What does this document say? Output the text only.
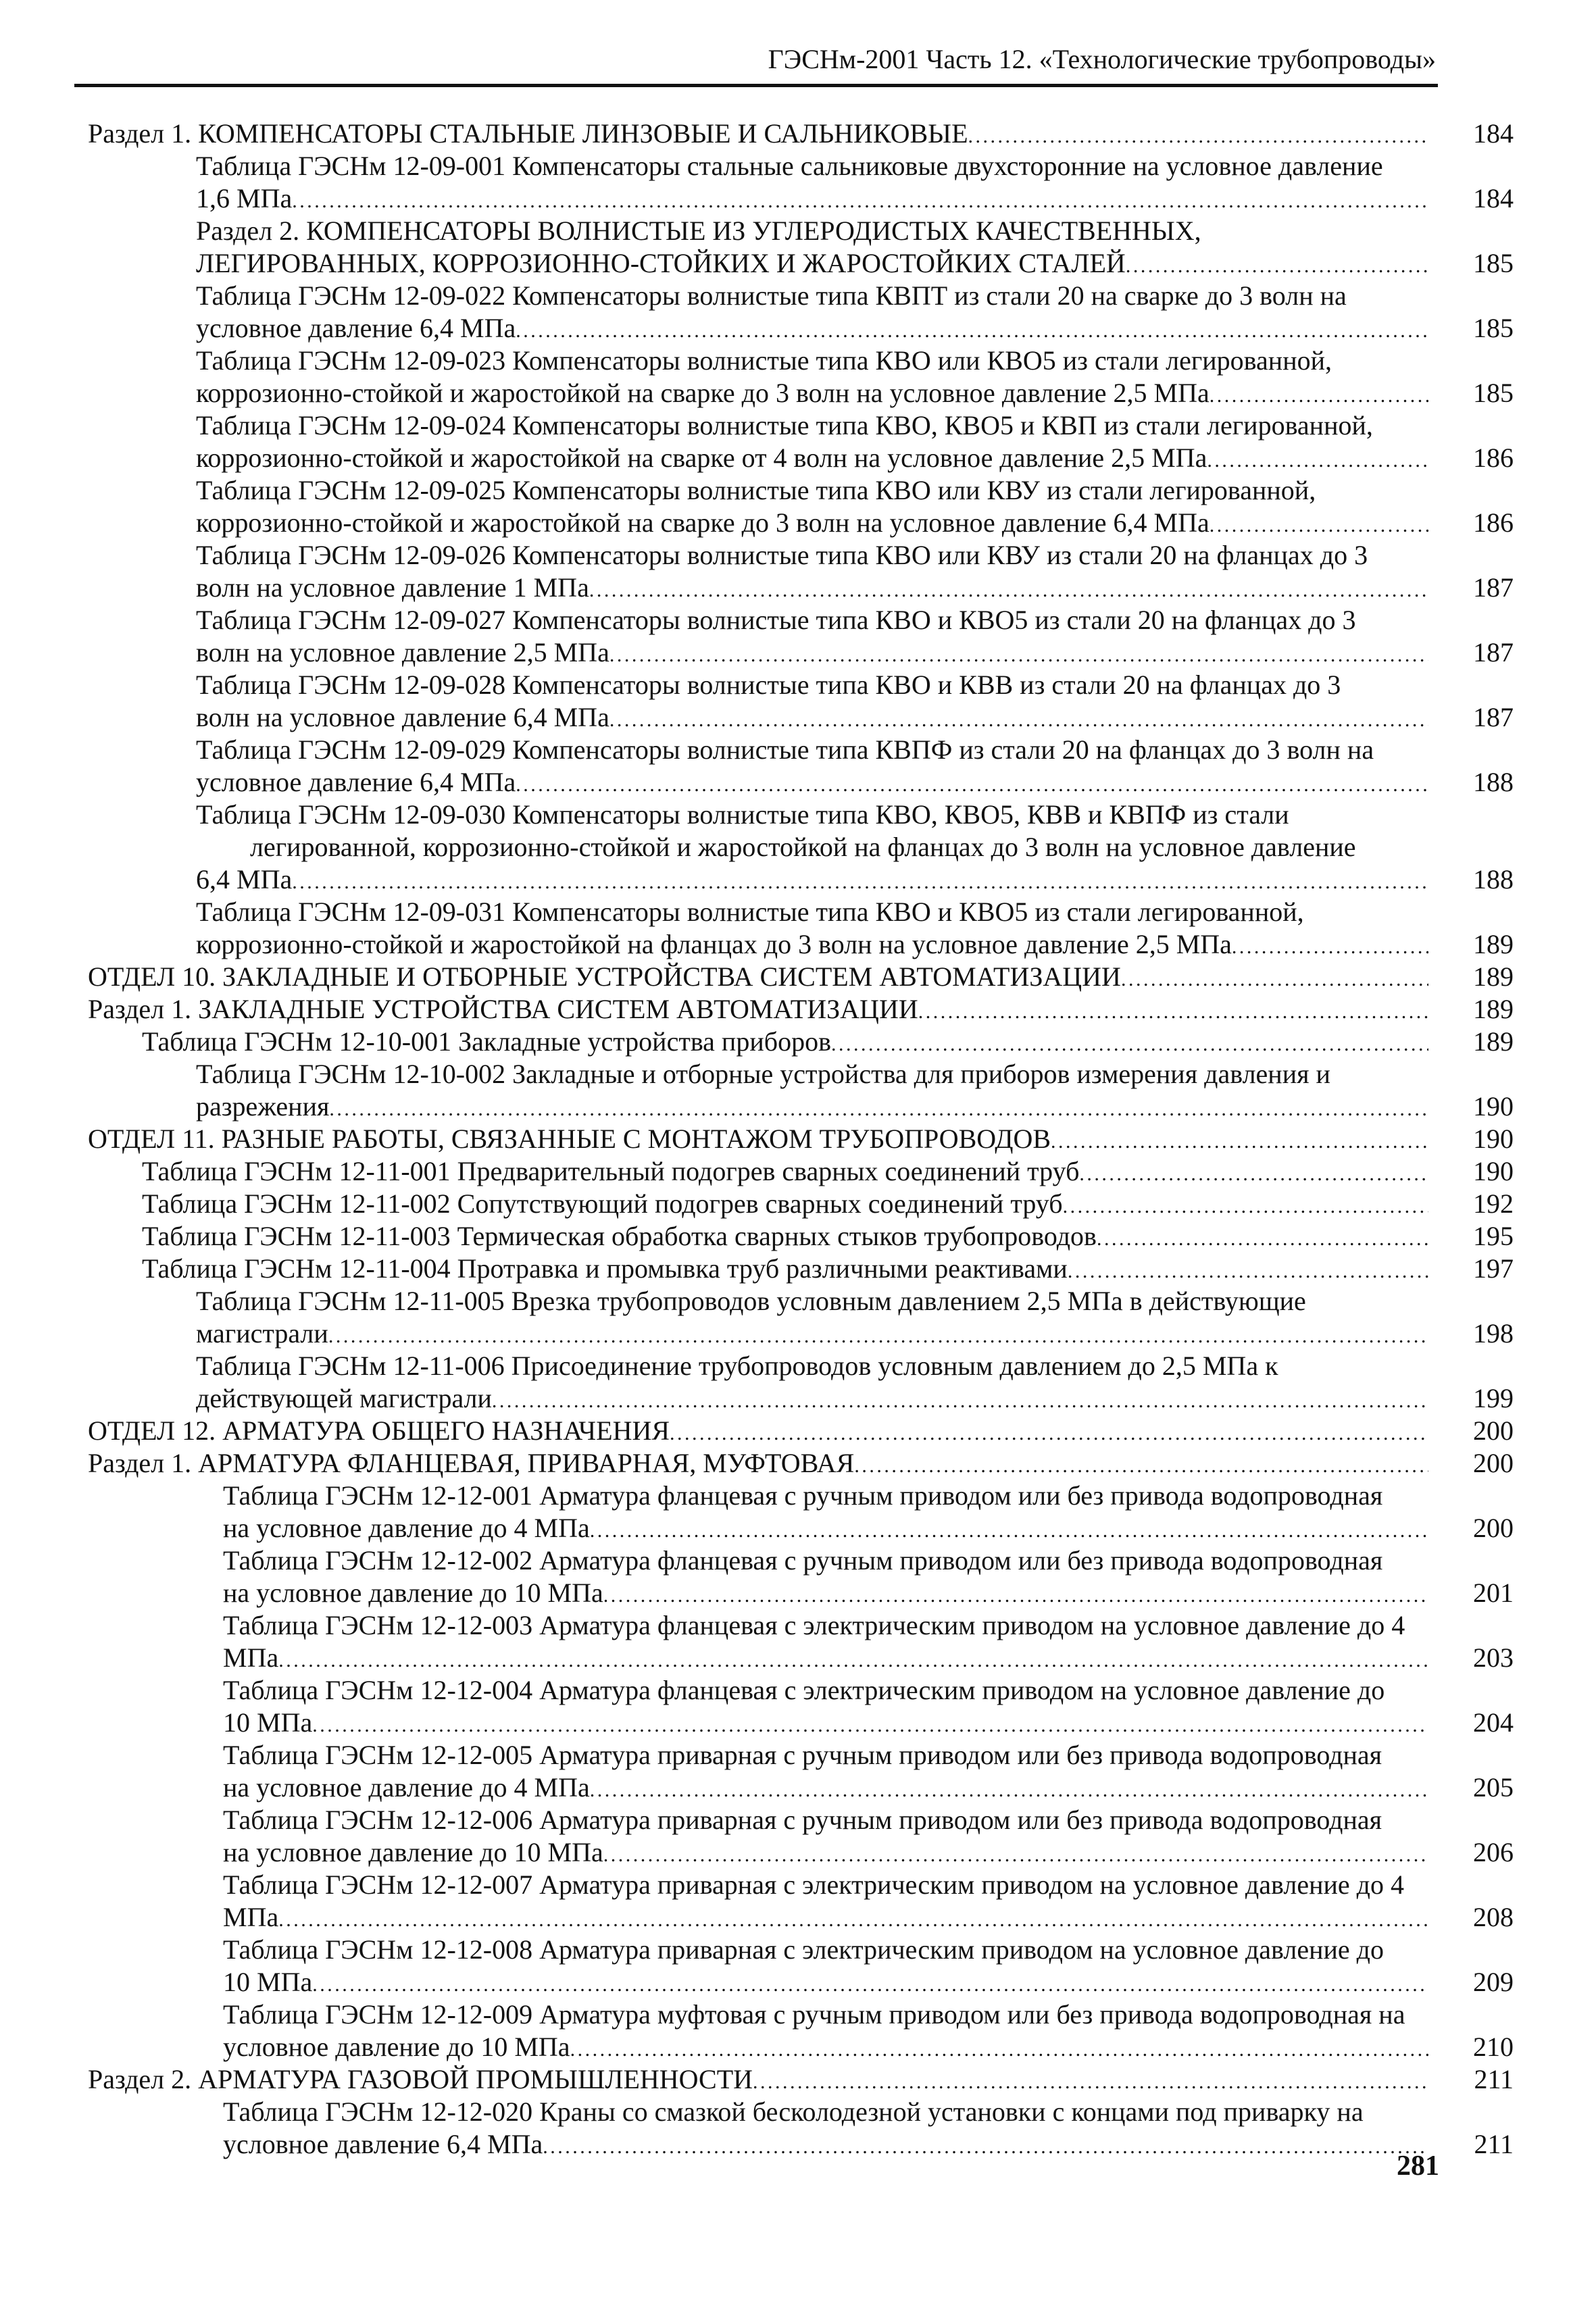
ГЭСНм-2001 Часть 12. «Технологические трубопроводы»
Раздел 1. КОМПЕНСАТОРЫ СТАЛЬНЫЕ ЛИНЗОВЫЕ И САЛЬНИКОВЫЕ . . .	184
Таблица ГЭСНм 12-09-001 Компенсаторы стальные сальниковые двухсторонние на условное давление
1,6 МПа . . .	184
Раздел 2. КОМПЕНСАТОРЫ ВОЛНИСТЫЕ ИЗ УГЛЕРОДИСТЫХ КАЧЕСТВЕННЫХ,
ЛЕГИРОВАННЫХ, КОРРОЗИОННО-СТОЙКИХ И ЖАРОСТОЙКИХ СТАЛЕЙ . . .	185
Таблица ГЭСНм 12-09-022 Компенсаторы волнистые типа КВПТ из стали 20 на сварке до 3 волн на
условное давление 6,4 МПа . . .	185
Таблица ГЭСНм 12-09-023 Компенсаторы волнистые типа КВО или КВО5 из стали легированной,
коррозионно-стойкой и жаростойкой на сварке до 3 волн на условное давление 2,5 МПа . . .	185
Таблица ГЭСНм 12-09-024 Компенсаторы волнистые типа КВО, КВО5 и КВП из стали легированной,
коррозионно-стойкой и жаростойкой на сварке от 4 волн на условное давление 2,5 МПа . . .	186
Таблица ГЭСНм 12-09-025 Компенсаторы волнистые типа КВО или КВУ из стали легированной,
коррозионно-стойкой и жаростойкой на сварке до 3 волн на условное давление 6,4 МПа . . .	186
Таблица ГЭСНм 12-09-026 Компенсаторы волнистые типа КВО или КВУ из стали 20 на фланцах до 3
волн на условное давление 1 МПа . . .	187
Таблица ГЭСНм 12-09-027 Компенсаторы волнистые типа КВО и КВО5 из стали 20 на фланцах до 3
волн на условное давление 2,5 МПа . . .	187
Таблица ГЭСНм 12-09-028 Компенсаторы волнистые типа КВО и КВВ из стали 20 на фланцах до 3
волн на условное давление 6,4 МПа . . .	187
Таблица ГЭСНм 12-09-029 Компенсаторы волнистые типа КВПФ из стали 20 на фланцах до 3 волн на
условное давление 6,4 МПа . . .	188
Таблица ГЭСНм 12-09-030 Компенсаторы волнистые типа КВО, КВО5, КВВ и КВПФ из стали
легированной, коррозионно-стойкой и жаростойкой на фланцах до 3 волн на условное давление
6,4 МПа . . .	188
Таблица ГЭСНм 12-09-031 Компенсаторы волнистые типа КВО и КВО5 из стали легированной,
коррозионно-стойкой и жаростойкой на фланцах до 3 волн на условное давление 2,5 МПа . . .	189
ОТДЕЛ 10. ЗАКЛАДНЫЕ И ОТБОРНЫЕ УСТРОЙСТВА СИСТЕМ АВТОМАТИЗАЦИИ . . .	189
Раздел 1. ЗАКЛАДНЫЕ УСТРОЙСТВА СИСТЕМ АВТОМАТИЗАЦИИ . . .	189
Таблица ГЭСНм 12-10-001 Закладные устройства приборов . . .	189
Таблица ГЭСНм 12-10-002 Закладные и отборные устройства для приборов измерения давления и
разрежения . . .	190
ОТДЕЛ 11. РАЗНЫЕ РАБОТЫ, СВЯЗАННЫЕ С МОНТАЖОМ ТРУБОПРОВОДОВ . . .	190
Таблица ГЭСНм 12-11-001 Предварительный подогрев сварных соединений труб . . .	190
Таблица ГЭСНм 12-11-002 Сопутствующий подогрев сварных соединений труб . . .	192
Таблица ГЭСНм 12-11-003 Термическая обработка сварных стыков трубопроводов . . .	195
Таблица ГЭСНм 12-11-004 Протравка и промывка труб различными реактивами . . .	197
Таблица ГЭСНм 12-11-005 Врезка трубопроводов условным давлением 2,5 МПа в действующие
магистрали . . .	198
Таблица ГЭСНм 12-11-006 Присоединение трубопроводов условным давлением до 2,5 МПа к
действующей магистрали . . .	199
ОТДЕЛ 12. АРМАТУРА ОБЩЕГО НАЗНАЧЕНИЯ . . .	200
Раздел 1. АРМАТУРА ФЛАНЦЕВАЯ, ПРИВАРНАЯ, МУФТОВАЯ . . .	200
Таблица ГЭСНм 12-12-001 Арматура фланцевая с ручным приводом или без привода водопроводная
на условное давление до 4 МПа . . .	200
Таблица ГЭСНм 12-12-002 Арматура фланцевая с ручным приводом или без привода водопроводная
на условное давление до 10 МПа . . .	201
Таблица ГЭСНм 12-12-003 Арматура фланцевая с электрическим приводом на условное давление до 4
МПа . . .	203
Таблица ГЭСНм 12-12-004 Арматура фланцевая с электрическим приводом на условное давление до
10 МПа . . .	204
Таблица ГЭСНм 12-12-005 Арматура приварная с ручным приводом или без привода водопроводная
на условное давление до 4 МПа . . .	205
Таблица ГЭСНм 12-12-006 Арматура приварная с ручным приводом или без привода водопроводная
на условное давление до 10 МПа . . .	206
Таблица ГЭСНм 12-12-007 Арматура приварная с электрическим приводом на условное давление до 4
МПа . . .	208
Таблица ГЭСНм 12-12-008 Арматура приварная с электрическим приводом на условное давление до
10 МПа . . .	209
Таблица ГЭСНм 12-12-009 Арматура муфтовая с ручным приводом или без привода водопроводная на
условное давление до 10 МПа . . .	210
Раздел 2. АРМАТУРА ГАЗОВОЙ ПРОМЫШЛЕННОСТИ . . .	211
Таблица ГЭСНм 12-12-020 Краны со смазкой бесколодезной установки с концами под приварку на
условное давление 6,4 МПа . . .	211
281
